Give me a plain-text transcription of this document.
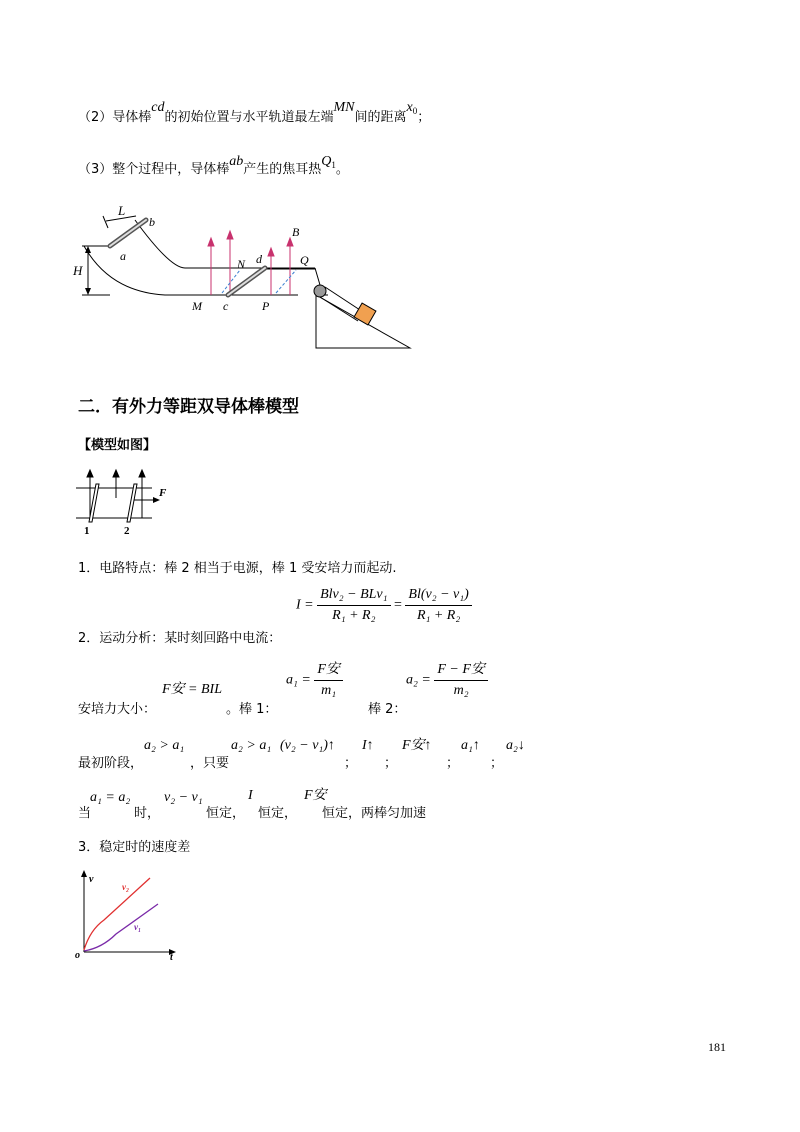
（2）导体棒cd的初始位置与水平轨道最左端MN间的距离$x_0$；
（3）整个过程中，导体棒ab产生的焦耳热$Q_1$。
H
L
b
a
N
M c
d
P
Q
B
二．有外力等距双导体棒模型
【模型如图】
F
1	2
1．电路特点：棒 2 相当于电源，棒 1 受安培力而起动.
$I = \frac{\text{Blv₂ − BLv₁}}{\text{R₁ + R₂}} = \frac{\text{Bl(v₂ − v₁)}}{\text{R₁ + R₂}}$
2．运动分析：某时刻回路中电流：
安培力大小：
F安 = BIL
。棒 1：
$a_1 = \frac{\text{F安}}{\text{m₁}}$
棒 2：
$a_2 = \frac{\text{F − F安}}{\text{m₂}}$
最初阶段，
a₂ > a₁
，只要
a₂ > a₁ (v₂ − v₁)↑
；
I↑
；
F安↑
；
a₁↑
；
a₂↓
当
a₁ = a₂
时，
v₂ − v₁
恒定，
I
恒定，
F安
恒定，两棒匀加速
3．稳定时的速度差
v
t
o
v₂
v₁
181
